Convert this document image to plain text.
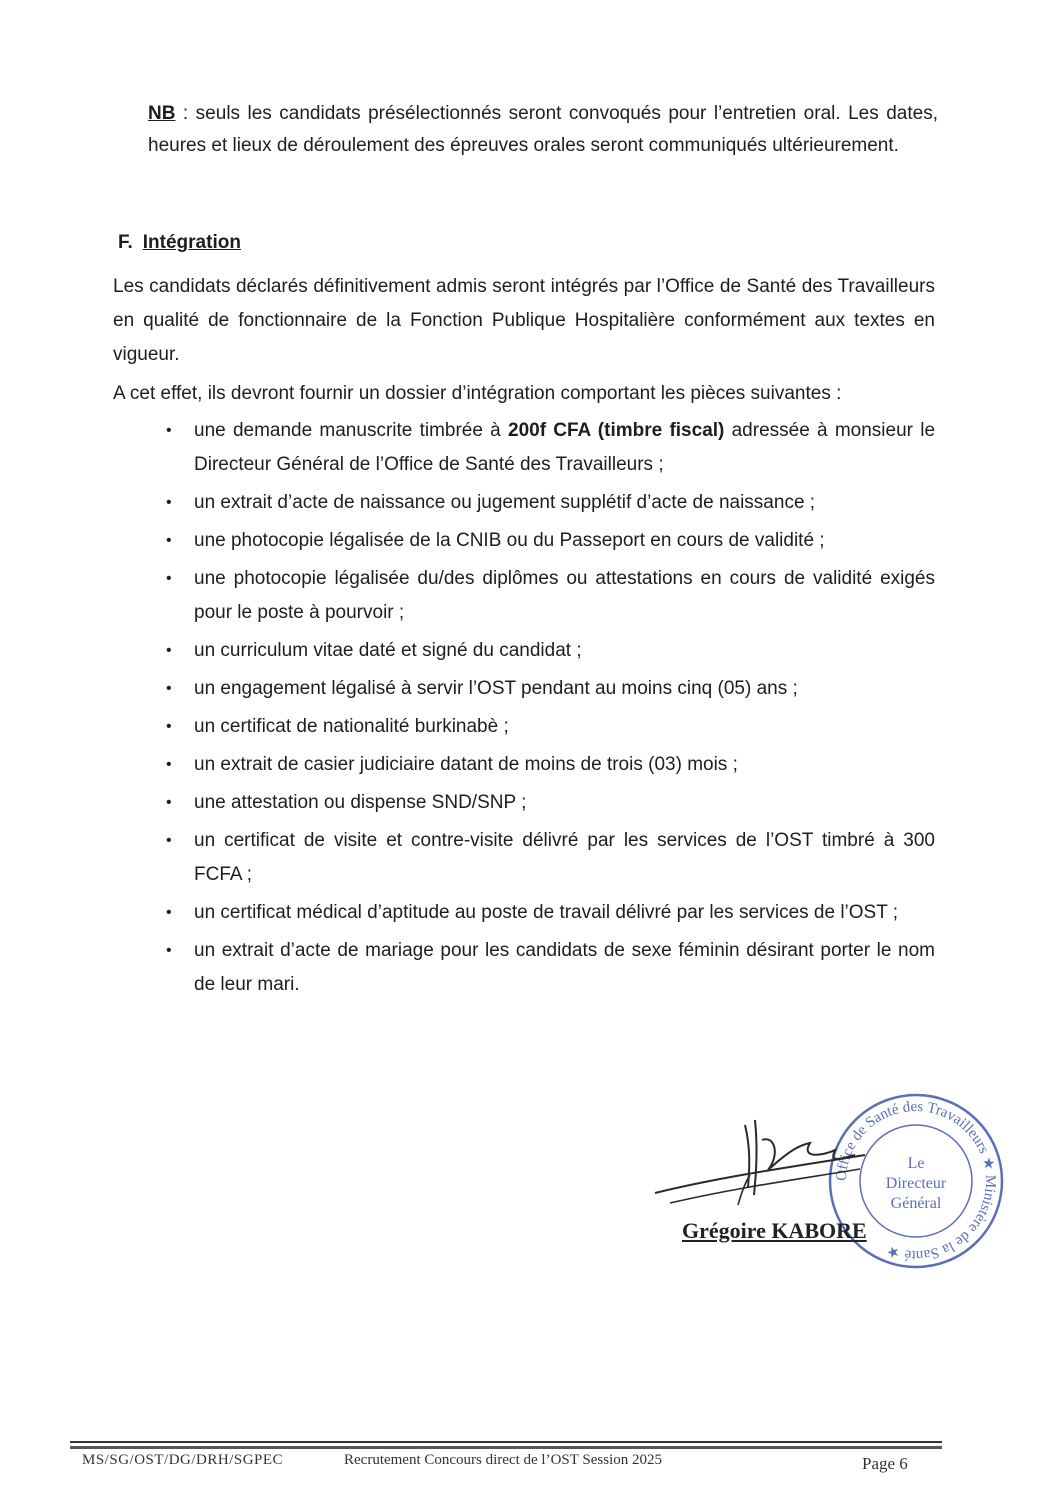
NB : seuls les candidats présélectionnés seront convoqués pour l’entretien oral. Les dates, heures et lieux de déroulement des épreuves orales seront communiqués ultérieurement.

F. Intégration

Les candidats déclarés définitivement admis seront intégrés par l’Office de Santé des Travailleurs en qualité de fonctionnaire de la Fonction Publique Hospitalière conformément aux textes en vigueur.

A cet effet, ils devront fournir un dossier d’intégration comportant les pièces suivantes :

• une demande manuscrite timbrée à 200f CFA (timbre fiscal) adressée à monsieur le Directeur Général de l’Office de Santé des Travailleurs ;
• un extrait d’acte de naissance ou jugement supplétif d’acte de naissance ;
• une photocopie légalisée de la CNIB ou du Passeport en cours de validité ;
• une photocopie légalisée du/des diplômes ou attestations en cours de validité exigés pour le poste à pourvoir ;
• un curriculum vitae daté et signé du candidat ;
• un engagement légalisé à servir l’OST pendant au moins cinq (05) ans ;
• un certificat de nationalité burkinabè ;
• un extrait de casier judiciaire datant de moins de trois (03) mois ;
• une attestation ou dispense SND/SNP ;
• un certificat de visite et contre-visite délivré par les services de l’OST timbré à 300 FCFA ;
• un certificat médical d’aptitude au poste de travail délivré par les services de l’OST ;
• un extrait d’acte de mariage pour les candidats de sexe féminin désirant porter le nom de leur mari.
Office de Santé des Travailleurs ★ Ministère de la Santé ★
Le
Directeur
Général
Grégoire KABORE
MS/SG/OST/DG/DRH/SGPEC	Recrutement Concours direct de l’OST Session 2025	Page 6
